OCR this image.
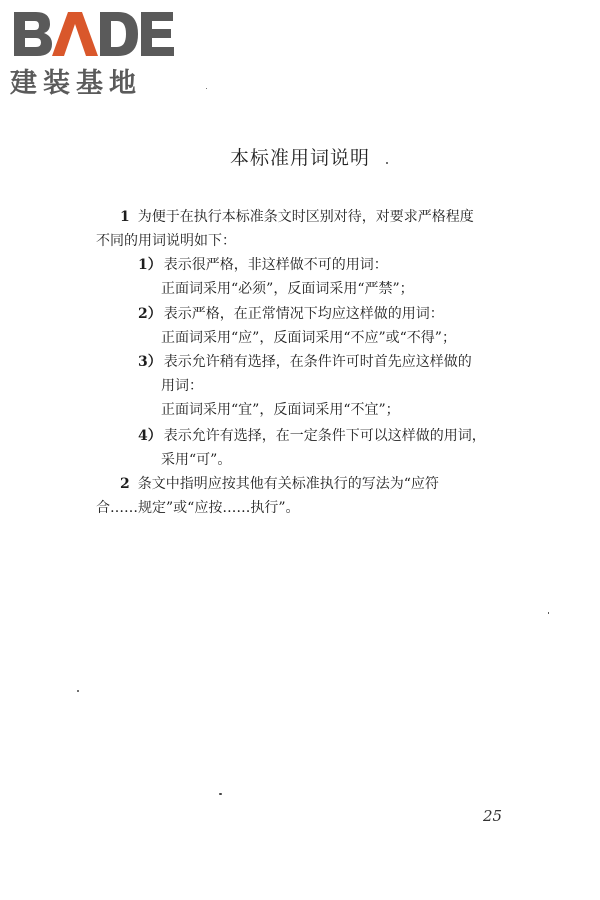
建装基地
本标准用词说明
1 为便于在执行本标准条文时区别对待，对要求严格程度
不同的用词说明如下：
1） 表示很严格，非这样做不可的用词：
正面词采用“必须”，反面词采用“严禁”；
2） 表示严格，在正常情况下均应这样做的用词：
正面词采用“应”，反面词采用“不应”或“不得”；
3） 表示允许稍有选择，在条件许可时首先应这样做的
用词：
正面词采用“宜”，反面词采用“不宜”；
4） 表示允许有选择，在一定条件下可以这样做的用词，
采用“可”。
2 条文中指明应按其他有关标准执行的写法为“应符
合……规定”或“应按……执行”。
25
